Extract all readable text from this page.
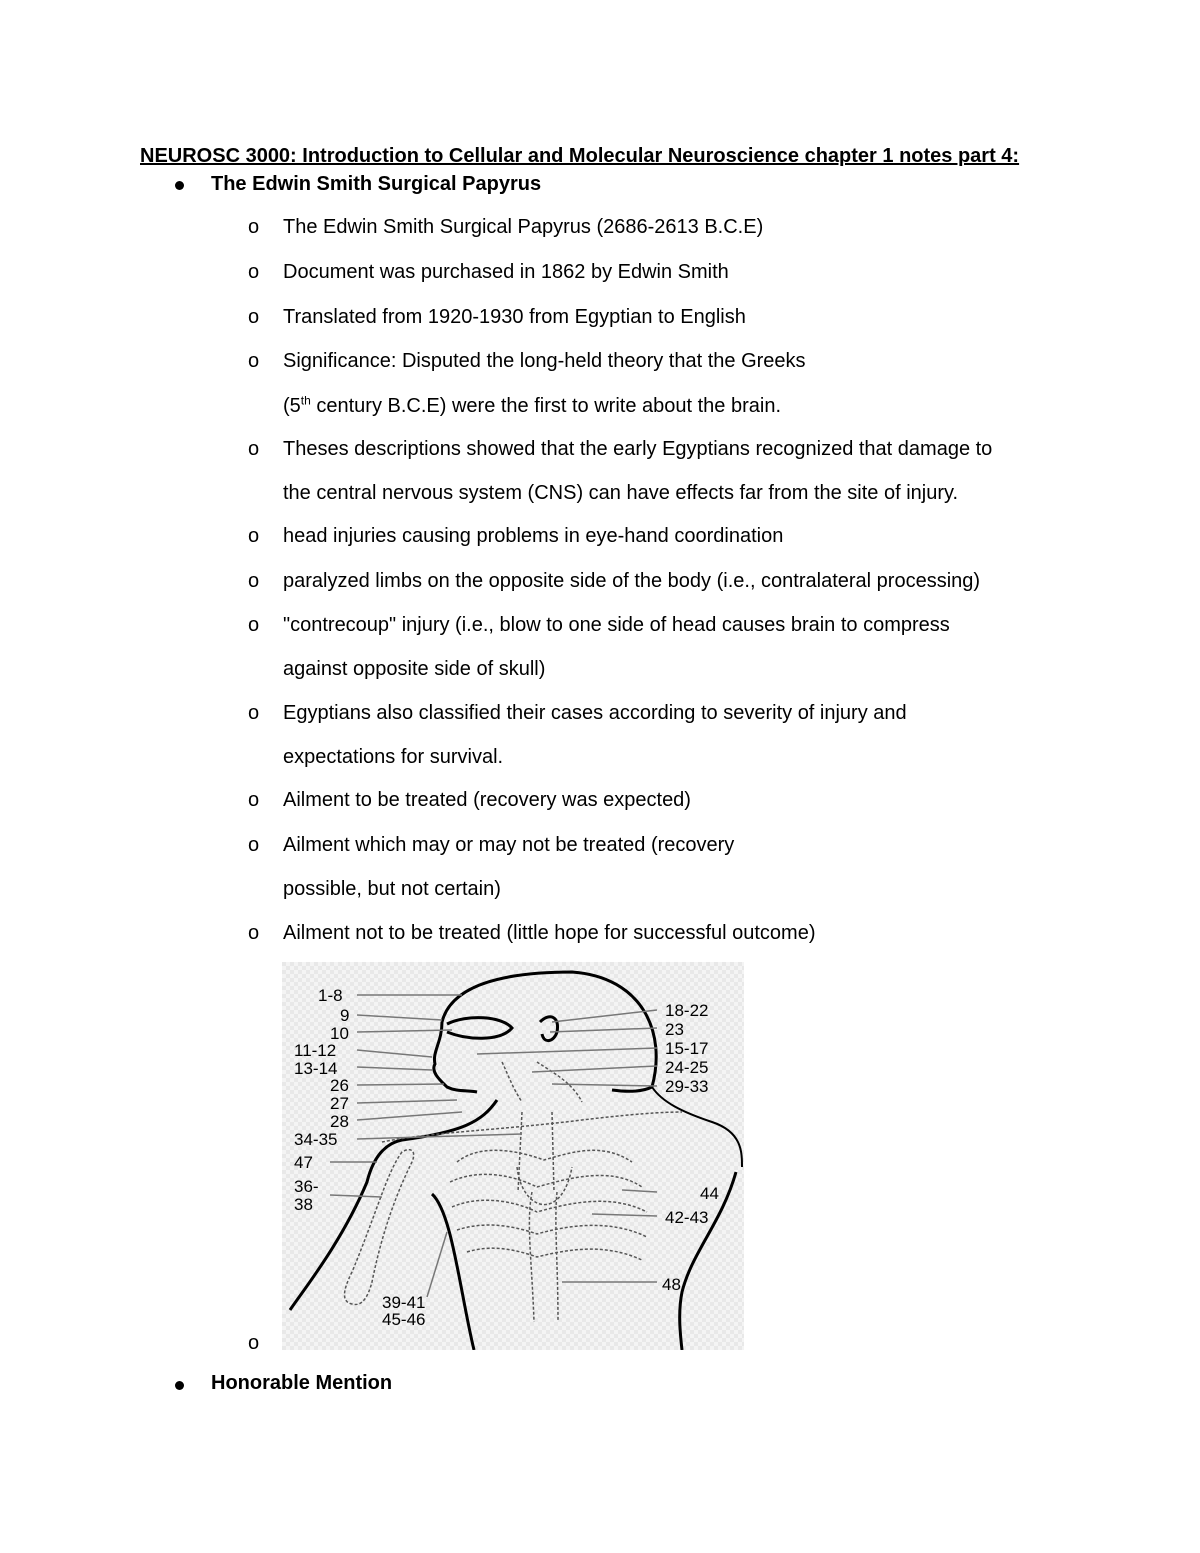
NEUROSC 3000: Introduction to Cellular and Molecular Neuroscience chapter 1 notes part 4:
The Edwin Smith Surgical Papyrus
o The Edwin Smith Surgical Papyrus (2686-2613 B.C.E)
o Document was purchased in 1862 by Edwin Smith
o Translated from 1920-1930 from Egyptian to English
o Significance: Disputed the long-held theory that the Greeks
(5th century B.C.E) were the first to write about the brain.
o Theses descriptions showed that the early Egyptians recognized that damage to
the central nervous system (CNS) can have effects far from the site of injury.
o head injuries causing problems in eye-hand coordination
o paralyzed limbs on the opposite side of the body (i.e., contralateral processing)
o "contrecoup" injury (i.e., blow to one side of head causes brain to compress
against opposite side of skull)
o Egyptians also classified their cases according to severity of injury and
expectations for survival.
o Ailment to be treated (recovery was expected)
o Ailment which may or may not be treated (recovery
possible, but not certain)
o Ailment not to be treated (little hope for successful outcome)
o
1-8
9
10
11-12
13-14
26
27
28
34-35
47
36-
38
18-22
23
15-17
24-25
29-33
44
42-43
48
39-41
45-46
Honorable Mention
